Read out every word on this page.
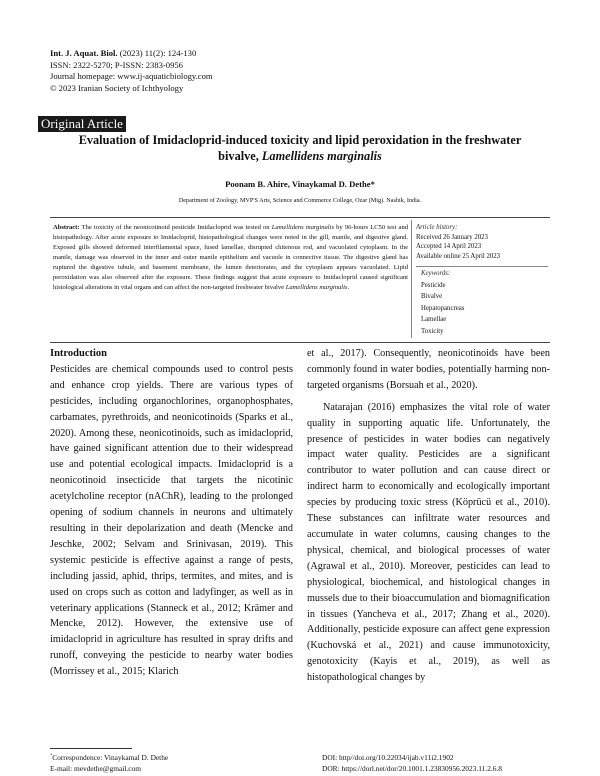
Int. J. Aquat. Biol. (2023) 11(2): 124-130
ISSN: 2322-5270; P-ISSN: 2383-0956
Journal homepage: www.ij-aquaticbiology.com
© 2023 Iranian Society of Ichthyology
Original Article
Evaluation of Imidacloprid-induced toxicity and lipid peroxidation in the freshwater
bivalve, Lamellidens marginalis
Poonam B. Ahire, Vinaykamal D. Dethe*
Department of Zoology, MVP'S Arts, Science and Commerce College, Ozar (Mig). Nashik, India.
Abstract: The toxicity of the neonicotinoid pesticide Imidacloprid was tested on Lamellidens marginalis by 96-hours LC50 test and histopathology. After acute exposure to Imidacloprid, histopathological changes were noted in the gill, mantle, and digestive gland. Exposed gills showed deformed interfilamental space, fused lamellae, disrupted chitenous rod, and vacuolated cytoplasm. In the mantle, damage was observed in the inner and outer mantle epithelium and vacuole in connective tissue. The digestive gland has ruptured the digestive tubule, and basement membrane, the lumen deteriorates, and the cytoplasm appears vacuolated. Lipid peroxidation was also observed after the exposure. These findings suggest that acute exposure to Imidacloprid caused significant histological alterations in vital organs and can affect the non-targeted freshwater bivalve Lamellidens marginalis.
Article history:
Received 26 January 2023
Accepted 14 April 2023
Available online 25 April 2023
Keywords:
Pesticide
Bivalve
Hepatopancreas
Lamellae
Toxicity
Introduction

Pesticides are chemical compounds used to control pests and enhance crop yields. There are various types of pesticides, including organochlorines, organophosphates, carbamates, pyrethroids, and neonicotinoids (Sparks et al., 2020). Among these, neonicotinoids, such as imidacloprid, have gained significant attention due to their widespread use and potential ecological impacts. Imidacloprid is a neonicotinoid insecticide that targets the nicotinic acetylcholine receptor (nAChR), leading to the prolonged opening of sodium channels in neurons and ultimately resulting in their depolarization and death (Mencke and Jeschke, 2002; Selvam and Srinivasan, 2019). This systemic pesticide is effective against a range of pests, including jassid, aphid, thrips, termites, and mites, and is used on crops such as cotton and ladyfinger, as well as in veterinary applications (Stanneck et al., 2012; Krämer and Mencke, 2012). However, the extensive use of imidacloprid in agriculture has resulted in spray drifts and runoff, conveying the pesticide to nearby water bodies (Morrissey et al., 2015; Klarich

et al., 2017). Consequently, neonicotinoids have been commonly found in water bodies, potentially harming non-targeted organisms (Borsuah et al., 2020).

Natarajan (2016) emphasizes the vital role of water quality in supporting aquatic life. Unfortunately, the presence of pesticides in water bodies can negatively impact water quality. Pesticides are a significant contributor to water pollution and can cause direct or indirect harm to economically and ecologically important species by producing toxic stress (Köprücü et al., 2010). These substances can infiltrate water resources and accumulate in water columns, causing changes to the physical, chemical, and biological processes of water (Agrawal et al., 2010). Moreover, pesticides can lead to physiological, biochemical, and histological changes in mussels due to their bioaccumulation and biomagnification in tissues (Yancheva et al., 2017; Zhang et al., 2020). Additionally, pesticide exposure can affect gene expression (Kuchovská et al., 2021) and cause immunotoxicity, genotoxicity (Kayis et al., 2019), as well as histopathological changes by

*Correspondence: Vinaykamal D. Dethe
E-mail: mevdethe@gmail.com
DOI: http//doi.org/10.22034/ijab.v11i2.1902
DOR: https://dorl.net/dor/20.1001.1.23830956.2023.11.2.6.8
